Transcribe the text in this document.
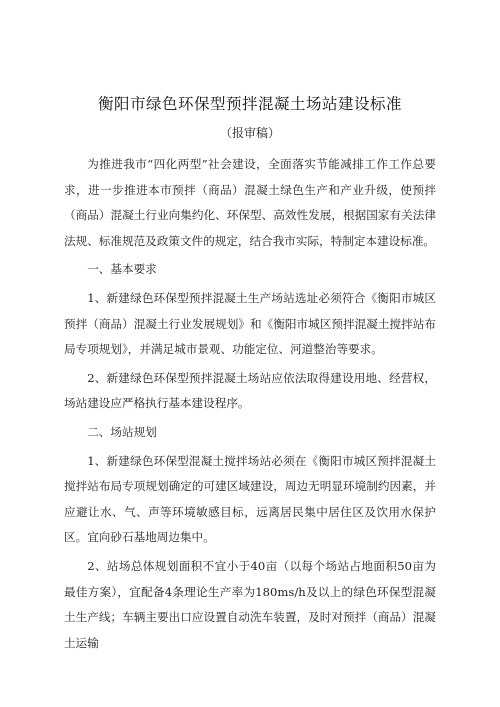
衡阳市绿色环保型预拌混凝土场站建设标准
（报审稿）

为推进我市“四化两型”社会建设，全面落实节能减排工作工作总要求，进一步推进本市预拌（商品）混凝土绿色生产和产业升级，使预拌（商品）混凝土行业向集约化、环保型、高效性发展，根据国家有关法律法规、标准规范及政策文件的规定，结合我市实际，特制定本建设标准。

一、基本要求

1、新建绿色环保型预拌混凝土生产场站选址必须符合《衡阳市城区预拌（商品）混凝土行业发展规划》和《衡阳市城区预拌混凝土搅拌站布局专项规划》，并满足城市景观、功能定位、河道整治等要求。

2、新建绿色环保型预拌混凝土场站应依法取得建设用地、经营权，场站建设应严格执行基本建设程序。

二、场站规划

1、新建绿色环保型混凝土搅拌场站必须在《衡阳市城区预拌混凝土搅拌站布局专项规划确定的可建区域建设，周边无明显环境制约因素，并应避让水、气、声等环境敏感目标，远离居民集中居住区及饮用水保护区。宜向砂石基地周边集中。

2、站场总体规划面积不宜小于40亩（以每个场站占地面积50亩为最佳方案），宜配备4条理论生产率为180ms/h及以上的绿色环保型混凝土生产线；车辆主要出口应设置自动洗车装置，及时对预拌（商品）混凝土运输
